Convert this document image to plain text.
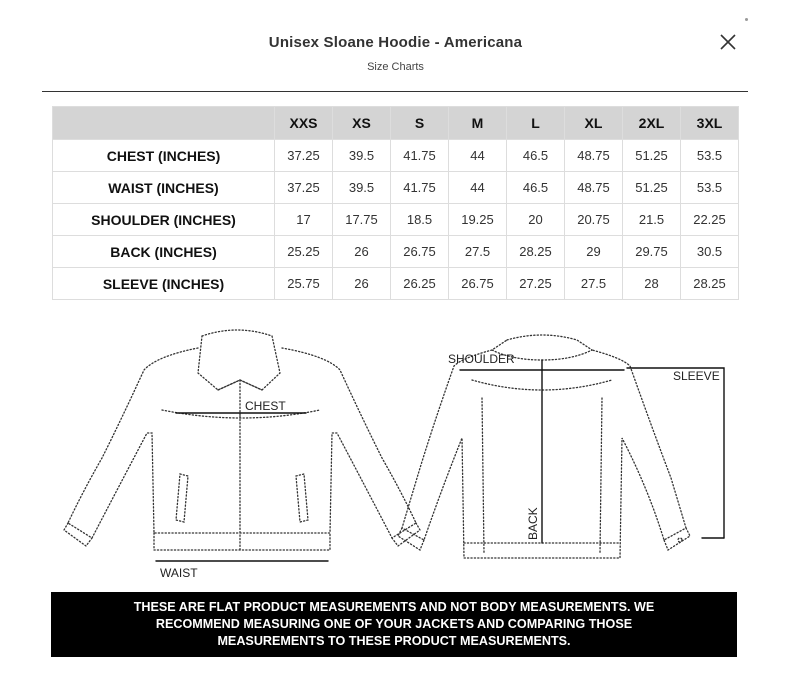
Unisex Sloane Hoodie - Americana
Size Charts
	XXS	XS	S	M	L	XL	2XL	3XL
CHEST (INCHES)	37.25	39.5	41.75	44	46.5	48.75	51.25	53.5
WAIST (INCHES)	37.25	39.5	41.75	44	46.5	48.75	51.25	53.5
SHOULDER (INCHES)	17	17.75	18.5	19.25	20	20.75	21.5	22.25
BACK (INCHES)	25.25	26	26.75	27.5	28.25	29	29.75	30.5
SLEEVE (INCHES)	25.75	26	26.25	26.75	27.25	27.5	28	28.25
CHEST
WAIST
SHOULDER
SLEEVE
BACK
THESE ARE FLAT PRODUCT MEASUREMENTS AND NOT BODY MEASUREMENTS. WE
RECOMMEND MEASURING ONE OF YOUR JACKETS AND COMPARING THOSE
MEASUREMENTS TO THESE PRODUCT MEASUREMENTS.
